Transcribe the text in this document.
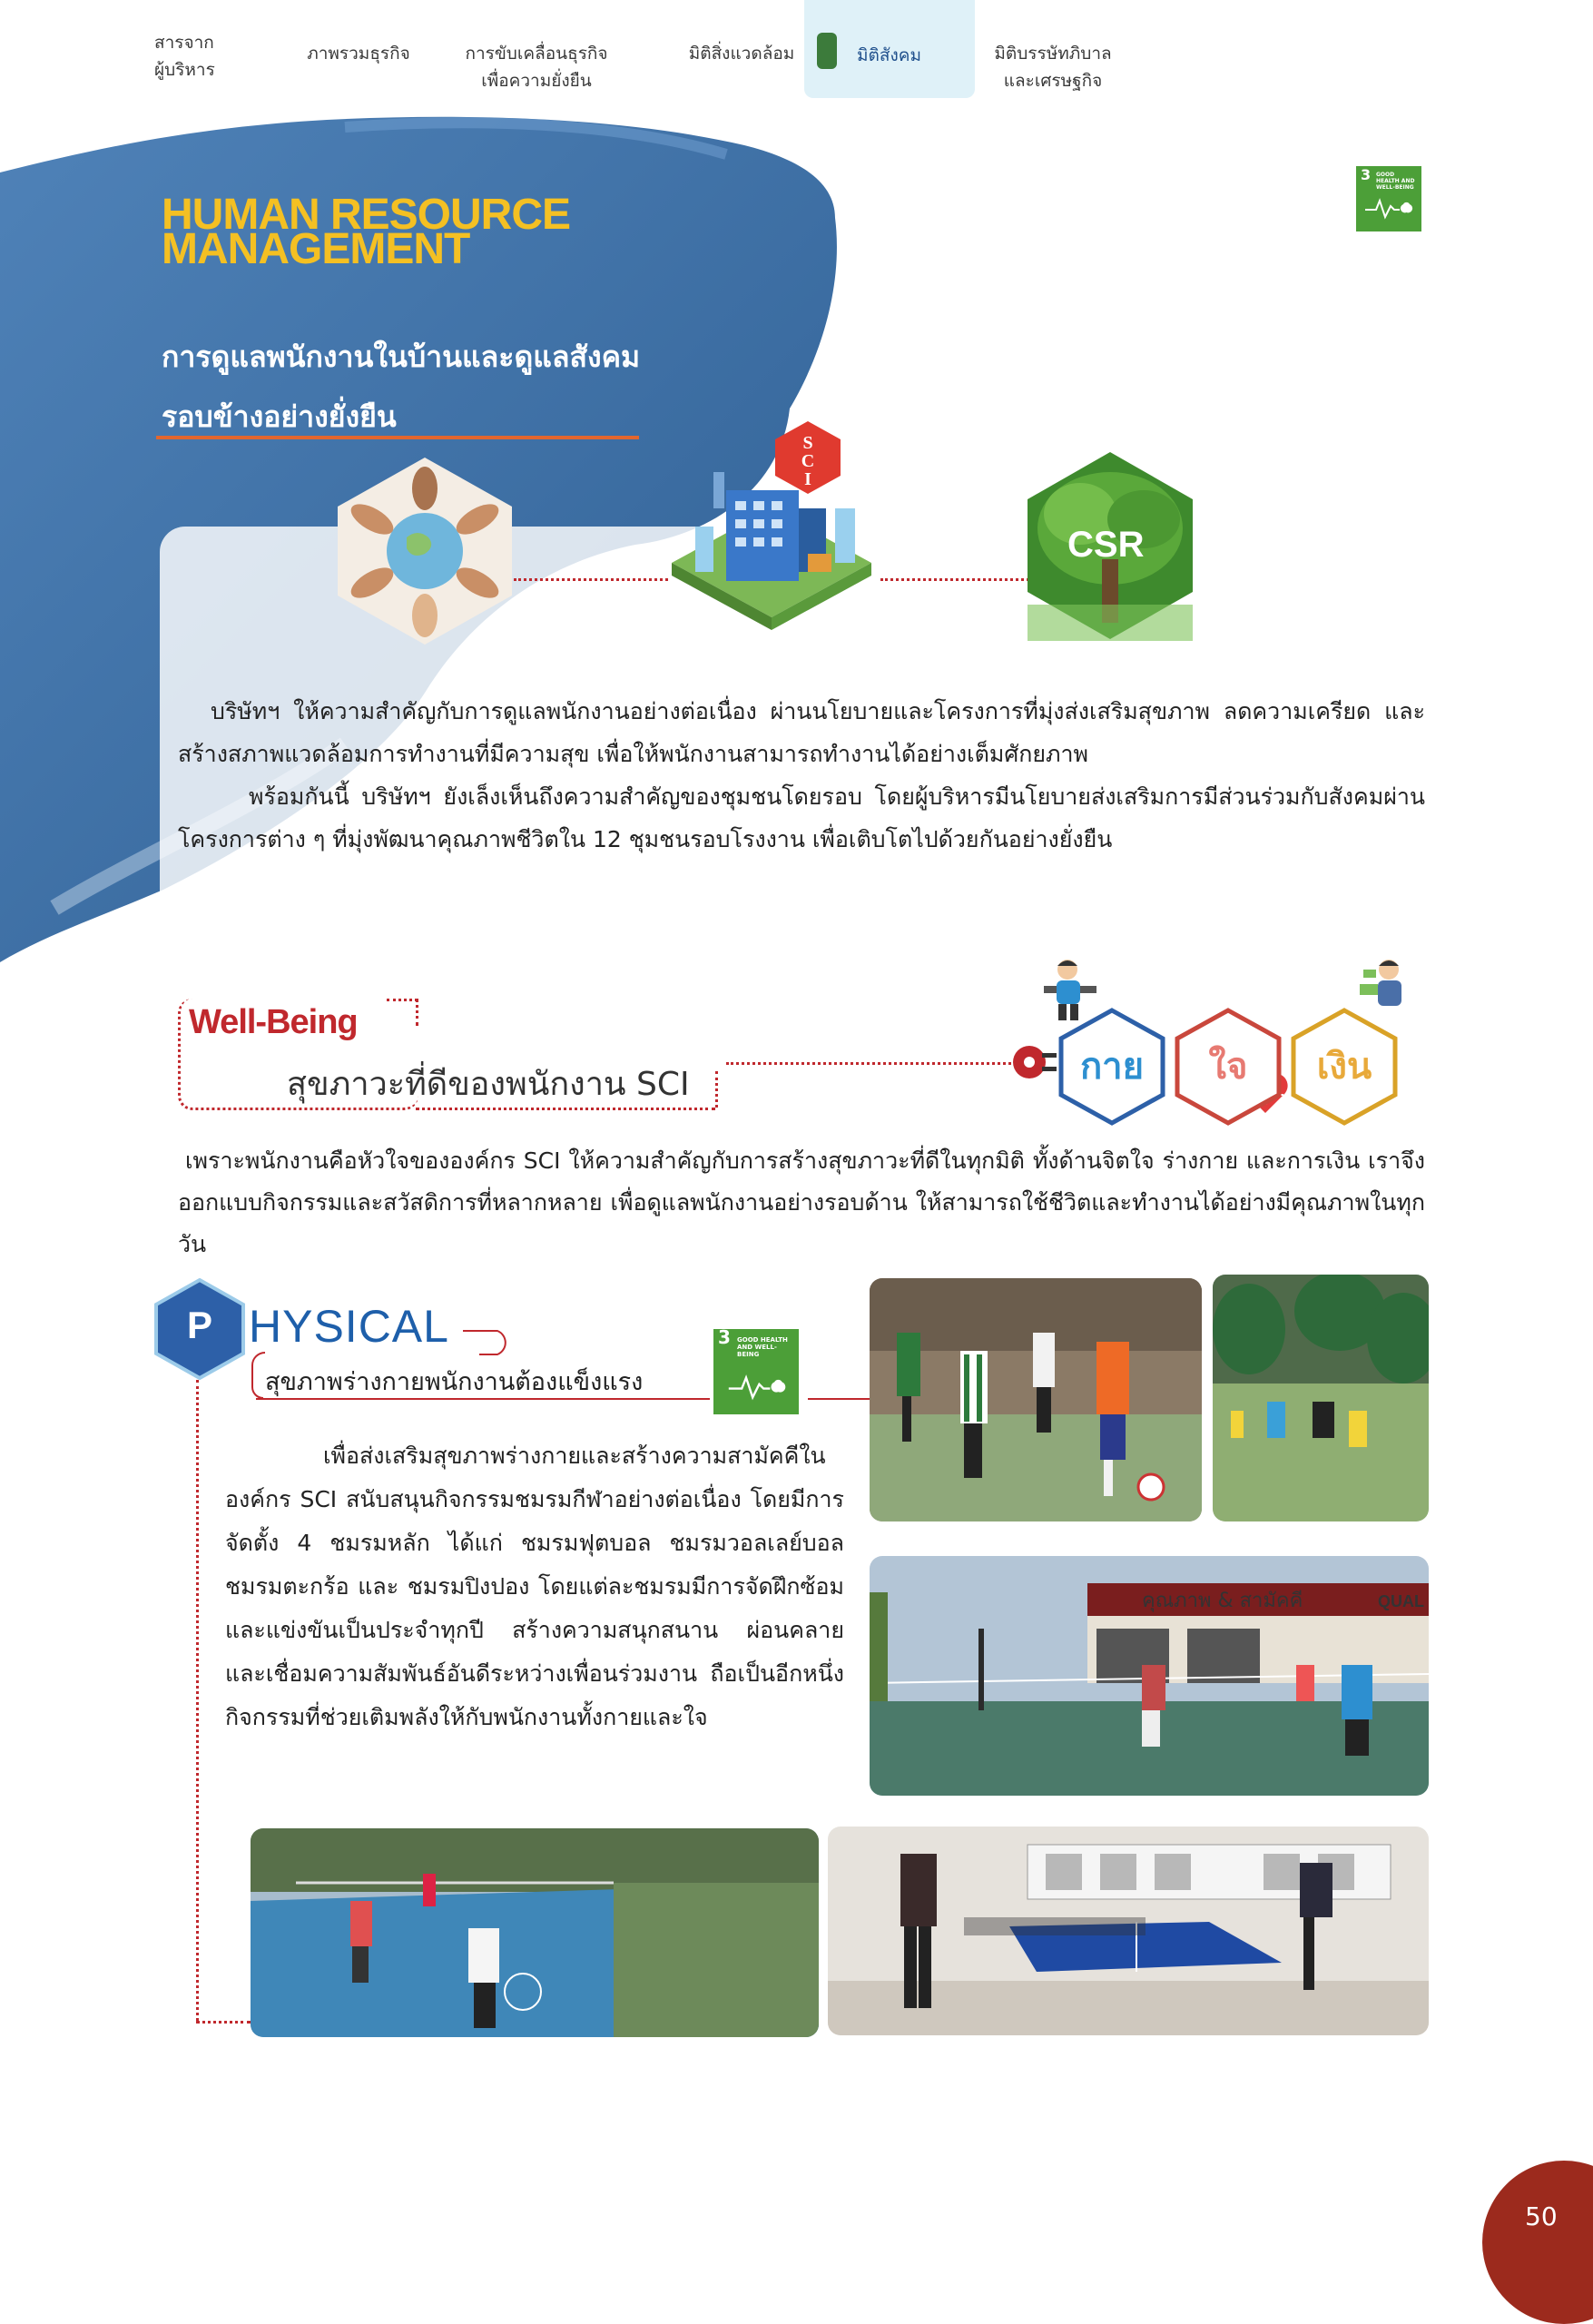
สารจาก
ผู้บริหาร
ภาพรวมธุรกิจ	การขับเคลื่อนธุรกิจ
เพื่อความยั่งยืน
มิติสิ่งแวดล้อม	มิติสังคม	มิติบรรษัทภิบาล
และเศรษฐกิจ
3 GOOD HEALTH AND WELL-BEING
HUMAN RESOURCE
MANAGEMENT
การดูแลพนักงานในบ้านและดูแลสังคม
รอบข้างอย่างยั่งยืน
S
C
I
CSR

บริษัทฯ ให้ความสำคัญกับการดูแลพนักงานอย่างต่อเนื่อง ผ่านนโยบายและโครงการที่มุ่งส่งเสริมสุขภาพ ลดความเครียด และสร้างสภาพแวดล้อมการทำงานที่มีความสุข เพื่อให้พนักงานสามารถทำงานได้อย่างเต็มศักยภาพ

พร้อมกันนี้ บริษัทฯ ยังเล็งเห็นถึงความสำคัญของชุมชนโดยรอบ โดยผู้บริหารมีนโยบายส่งเสริมการมีส่วนร่วมกับสังคมผ่านโครงการต่าง ๆ ที่มุ่งพัฒนาคุณภาพชีวิตใน 12 ชุมชนรอบโรงงาน เพื่อเติบโตไปด้วยกันอย่างยั่งยืน

Well-Being
สุขภาวะที่ดีของพนักงาน SCI	กาย	ใจ	เงิน

เพราะพนักงานคือหัวใจขององค์กร SCI ให้ความสำคัญกับการสร้างสุขภาวะที่ดีในทุกมิติ ทั้งด้านจิตใจ ร่างกาย และการเงิน เราจึงออกแบบกิจกรรมและสวัสดิการที่หลากหลาย เพื่อดูแลพนักงานอย่างรอบด้าน ให้สามารถใช้ชีวิตและทำงานได้อย่างมีคุณภาพในทุกวัน

P HYSICAL
สุขภาพร่างกายพนักงานต้องแข็งแรง
3 GOOD HEALTH AND WELL-BEING

เพื่อส่งเสริมสุขภาพร่างกายและสร้างความสามัคคีในองค์กร SCI สนับสนุนกิจกรรมชมรมกีฬาอย่างต่อเนื่อง โดยมีการจัดตั้ง 4 ชมรมหลัก ได้แก่ ชมรมฟุตบอล ชมรมวอลเลย์บอล ชมรมตะกร้อ และ ชมรมปิงปอง โดยแต่ละชมรมมีการจัดฝึกซ้อมและแข่งขันเป็นประจำทุกปี สร้างความสนุกสนาน ผ่อนคลาย และเชื่อมความสัมพันธ์อันดีระหว่างเพื่อนร่วมงาน ถือเป็นอีกหนึ่งกิจกรรมที่ช่วยเติมพลังให้กับพนักงานทั้งกายและใจ

คุณภาพ & สามัคคี	QUAL
50
